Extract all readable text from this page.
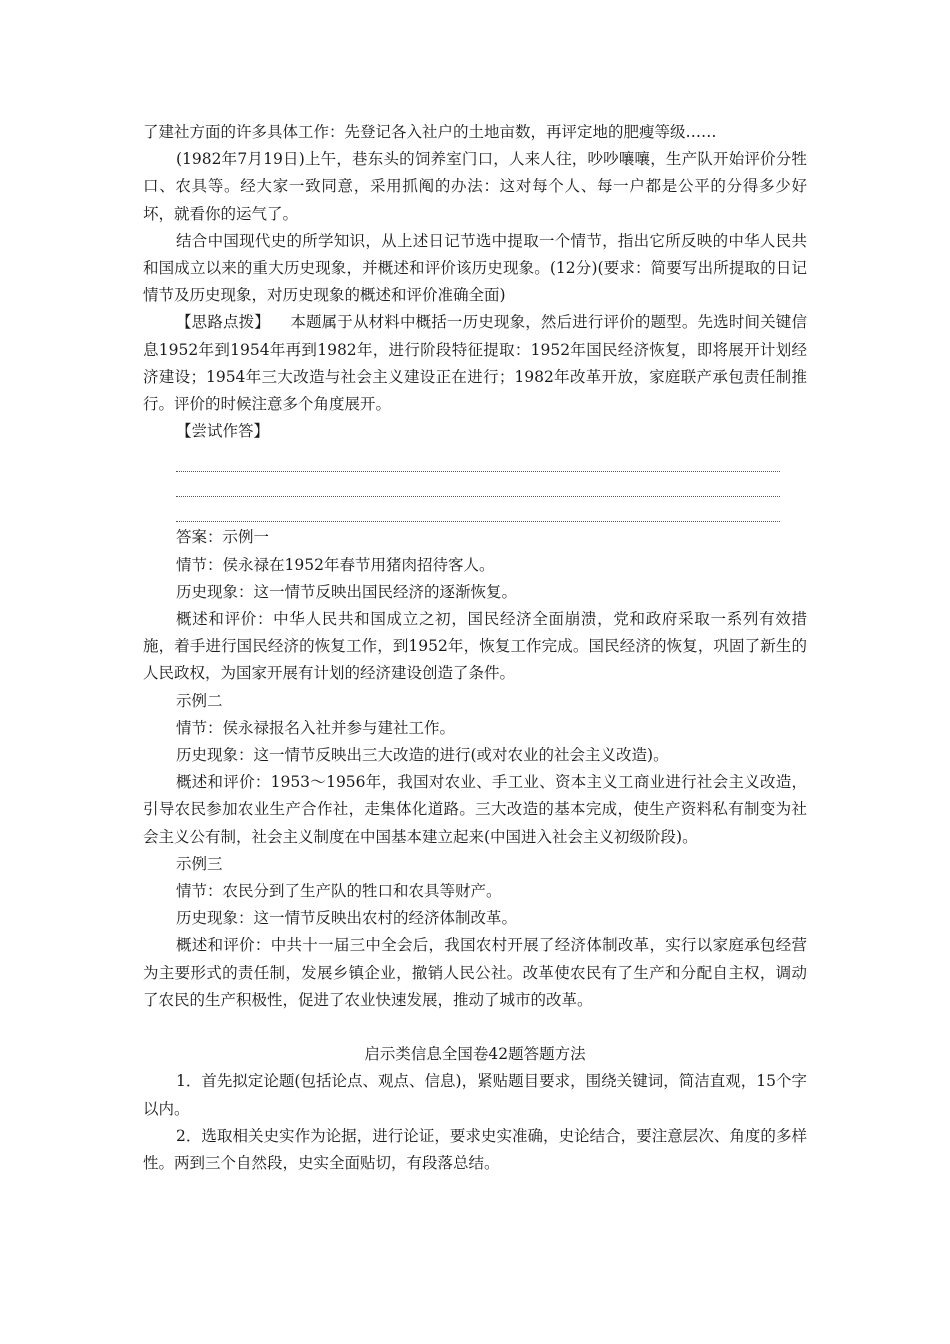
了建社方面的许多具体工作：先登记各入社户的土地亩数，再评定地的肥瘦等级……

(1982年7月19日)上午，巷东头的饲养室门口，人来人往，吵吵嚷嚷，生产队开始评价分牲口、农具等。经大家一致同意，采用抓阄的办法：这对每个人、每一户都是公平的分得多少好坏，就看你的运气了。

结合中国现代史的所学知识，从上述日记节选中提取一个情节，指出它所反映的中华人民共和国成立以来的重大历史现象，并概述和评价该历史现象。(12分)(要求：简要写出所提取的日记情节及历史现象，对历史现象的概述和评价准确全面)

【思路点拨】 本题属于从材料中概括一历史现象，然后进行评价的题型。先选时间关键信息1952年到1954年再到1982年，进行阶段特征提取：1952年国民经济恢复，即将展开计划经济建设；1954年三大改造与社会主义建设正在进行；1982年改革开放，家庭联产承包责任制推行。评价的时候注意多个角度展开。

【尝试作答】

答案：示例一

情节：侯永禄在1952年春节用猪肉招待客人。

历史现象：这一情节反映出国民经济的逐渐恢复。

概述和评价：中华人民共和国成立之初，国民经济全面崩溃，党和政府采取一系列有效措施，着手进行国民经济的恢复工作，到1952年，恢复工作完成。国民经济的恢复，巩固了新生的人民政权，为国家开展有计划的经济建设创造了条件。

示例二

情节：侯永禄报名入社并参与建社工作。

历史现象：这一情节反映出三大改造的进行(或对农业的社会主义改造)。

概述和评价：1953～1956年，我国对农业、手工业、资本主义工商业进行社会主义改造，引导农民参加农业生产合作社，走集体化道路。三大改造的基本完成，使生产资料私有制变为社会主义公有制，社会主义制度在中国基本建立起来(中国进入社会主义初级阶段)。

示例三

情节：农民分到了生产队的牲口和农具等财产。

历史现象：这一情节反映出农村的经济体制改革。

概述和评价：中共十一届三中全会后，我国农村开展了经济体制改革，实行以家庭承包经营为主要形式的责任制，发展乡镇企业，撤销人民公社。改革使农民有了生产和分配自主权，调动了农民的生产积极性，促进了农业快速发展，推动了城市的改革。

启示类信息全国卷42题答题方法

1．首先拟定论题(包括论点、观点、信息)，紧贴题目要求，围绕关键词，简洁直观，15个字以内。

2．选取相关史实作为论据，进行论证，要求史实准确，史论结合，要注意层次、角度的多样性。两到三个自然段，史实全面贴切，有段落总结。
